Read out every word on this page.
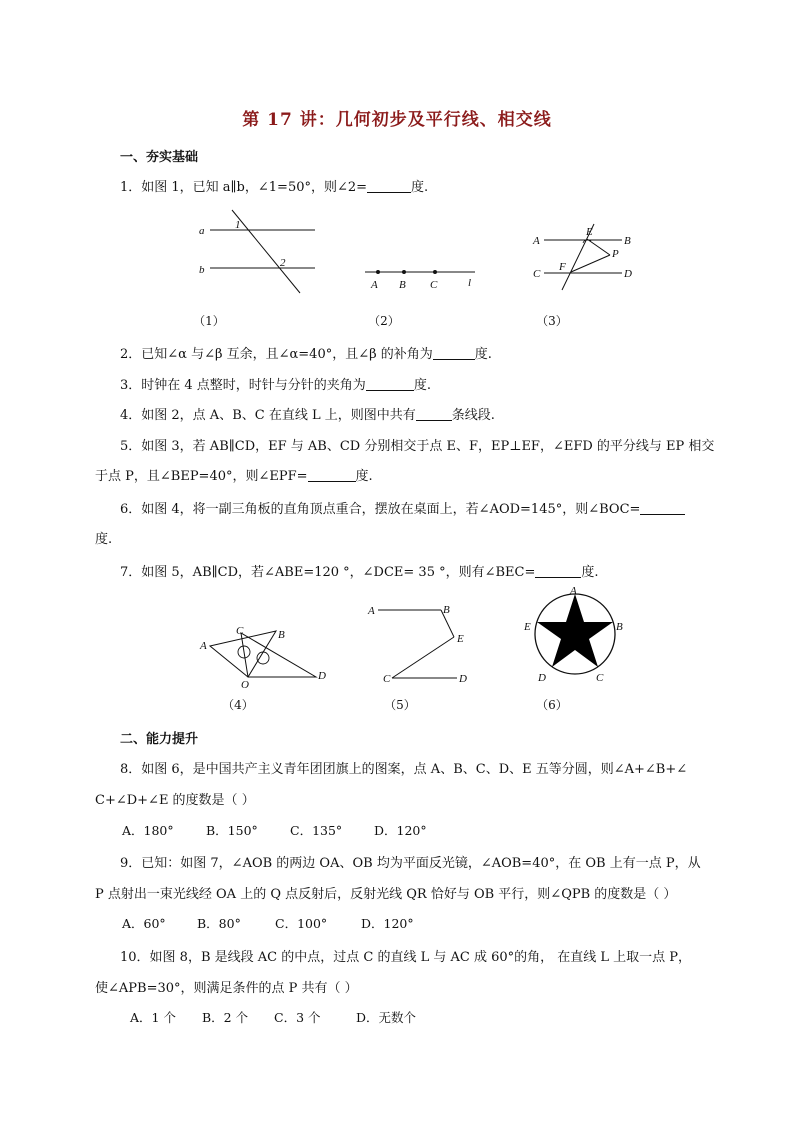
第 17 讲：几何初步及平行线、相交线
一、夯实基础
1．如图 1，已知 a∥b，∠1=50°，则∠2=	度.
a
b
1
2
A B C	l
A	B
C	D
E
F
P
（1）	（2）	（3）
2．已知∠α 与∠β 互余，且∠α=40°，且∠β 的补角为	度.
3．时钟在 4 点整时，时针与分针的夹角为	度.
4．如图 2，点 A、B、C 在直线 L 上，则图中共有	条线段.
5．如图 3，若 AB∥CD，EF 与 AB、CD 分别相交于点 E、F，EP⊥EF，∠EFD 的平分线与 EP 相交
于点 P，且∠BEP=40°，则∠EPF=	度.
6．如图 4，将一副三角板的直角顶点重合，摆放在桌面上，若∠AOD=145°，则∠BOC=
度.
7．如图 5，AB∥CD，若∠ABE=120 °，∠DCE= 35 °，则有∠BEC=	度.
A
B
C
D
O
A	B
C	D
E
A
B
C
D
E
（4）	（5）	（6）
二、能力提升
8．如图 6，是中国共产主义青年团团旗上的图案，点 A、B、C、D、E 五等分圆，则∠A+∠B+∠
C+∠D+∠E 的度数是（ ）
A．180°	B．150°	C．135°	D．120°
9．已知：如图 7，∠AOB 的两边 OA、OB 均为平面反光镜，∠AOB=40°，在 OB 上有一点 P，从
P 点射出一束光线经 OA 上的 Q 点反射后，反射光线 QR 恰好与 OB 平行，则∠QPB 的度数是（ ）
A．60°	B．80°	C．100°	D．120°
10．如图 8，B 是线段 AC 的中点，过点 C 的直线 L 与 AC 成 60°的角， 在直线 L 上取一点 P，
使∠APB=30°，则满足条件的点 P 共有（ ）
A．1 个 B．2 个 C．3 个	D．无数个
